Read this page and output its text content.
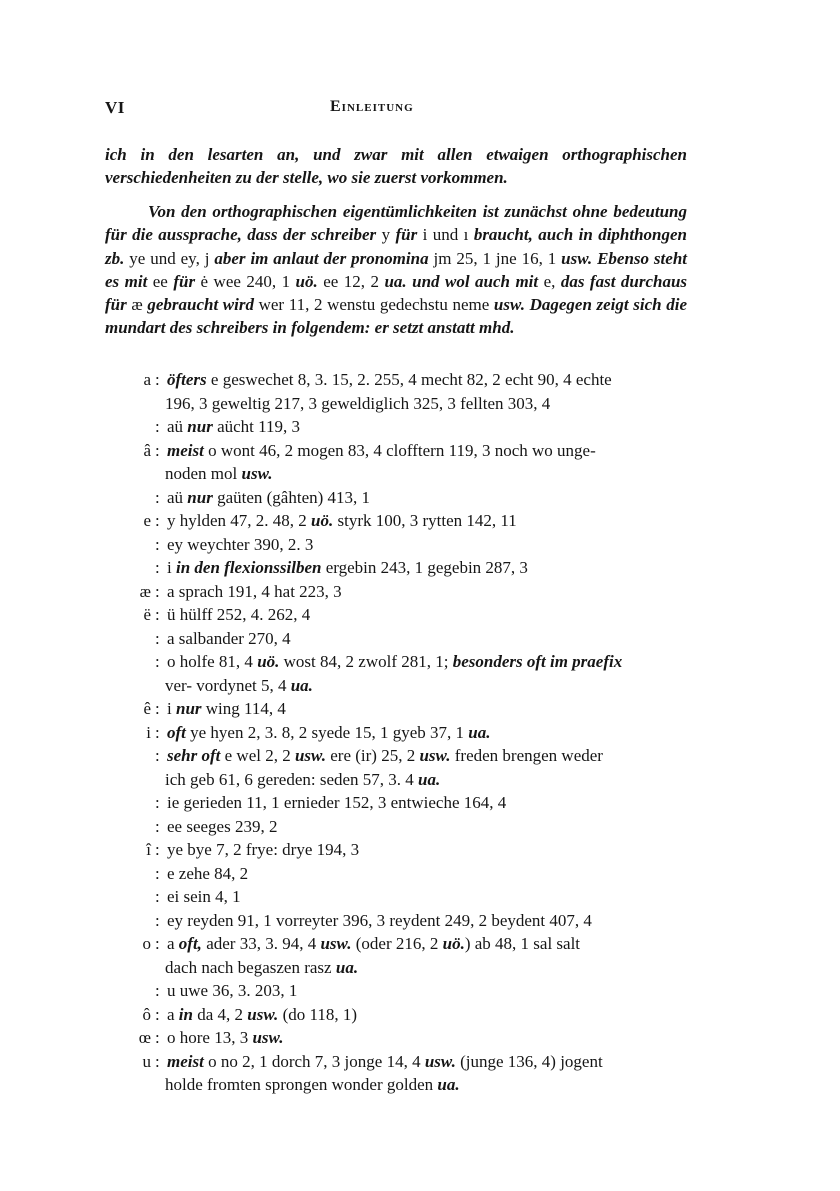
VI	Einleitung
ich in den lesarten an, und zwar mit allen etwaigen orthographischen verschiedenheiten zu der stelle, wo sie zuerst vorkommen.
Von den orthographischen eigentümlichkeiten ist zunächst ohne bedeutung für die aussprache, dass der schreiber y für i und ı braucht, auch in diphthongen zb. ye und ey, j aber im anlaut der pronomina jm 25, 1 jne 16, 1 usw. Ebenso steht es mit ee für ė wee 240, 1 uö. ee 12, 2 ua. und wol auch mit e, das fast durchaus für æ gebraucht wird wer 11, 2 wenstu gedechstu neme usw. Dagegen zeigt sich die mundart des schreibers in folgendem: er setzt anstatt mhd.
a : öfters e geswechet 8, 3. 15, 2. 255, 4 mecht 82, 2 echt 90, 4 echte
196, 3 geweltig 217, 3 geweldiglich 325, 3 fellten 303, 4
: aü nur aücht 119, 3
â : meist o wont 46, 2 mogen 83, 4 clofftern 119, 3 noch wo unge-
noden mol usw.
: aü nur gaüten (gâhten) 413, 1
e : y hylden 47, 2. 48, 2 uö. styrk 100, 3 rytten 142, 11
: ey weychter 390, 2. 3
: i in den flexionssilben ergebin 243, 1 gegebin 287, 3
æ : a sprach 191, 4 hat 223, 3
ë : ü hülff 252, 4. 262, 4
: a salbander 270, 4
: o holfe 81, 4 uö. wost 84, 2 zwolf 281, 1; besonders oft im praefix
ver- vordynet 5, 4 ua.
ê : i nur wing 114, 4
i : oft ye hyen 2, 3. 8, 2 syede 15, 1 gyeb 37, 1 ua.
: sehr oft e wel 2, 2 usw. ere (ir) 25, 2 usw. freden brengen weder
ich geb 61, 6 gereden: seden 57, 3. 4 ua.
: ie gerieden 11, 1 ernieder 152, 3 entwieche 164, 4
: ee seeges 239, 2
î : ye bye 7, 2 frye: drye 194, 3
: e zehe 84, 2
: ei sein 4, 1
: ey reyden 91, 1 vorreyter 396, 3 reydent 249, 2 beydent 407, 4
o : a oft, ader 33, 3. 94, 4 usw. (oder 216, 2 uö.) ab 48, 1 sal salt
dach nach begaszen rasz ua.
: u uwe 36, 3. 203, 1
ô : a in da 4, 2 usw. (do 118, 1)
œ : o hore 13, 3 usw.
u : meist o no 2, 1 dorch 7, 3 jonge 14, 4 usw. (junge 136, 4) jogent
holde fromten sprongen wonder golden ua.
